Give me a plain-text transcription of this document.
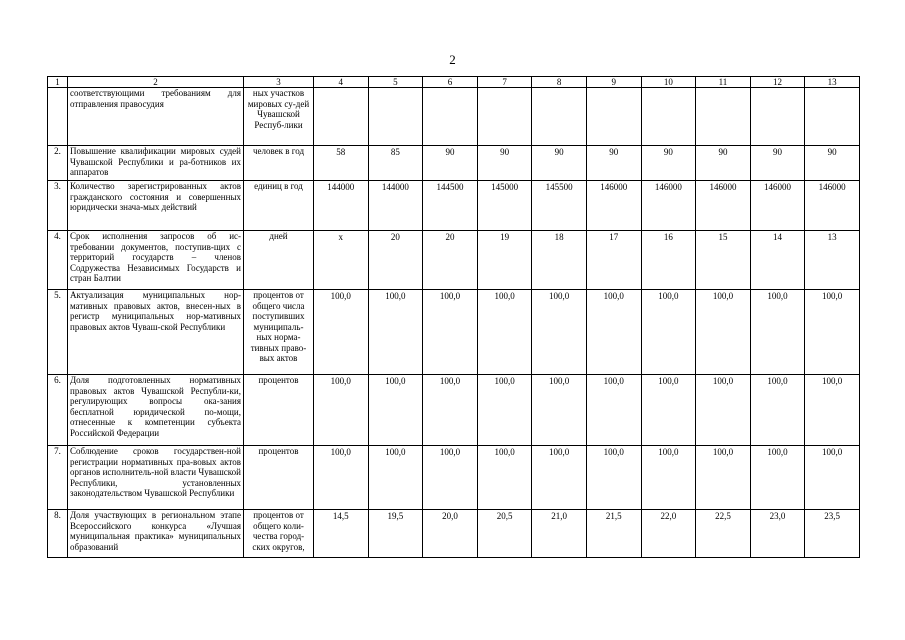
2
1	2	3	4	5	6	7	8	9	10	11	12	13
	соответствующими требованиям для отправления правосудия	ных участков мировых су-дей Чувашской Респуб-лики										
2.	Повышение квалификации мировых судей Чувашской Республики и ра-ботников их аппаратов	человек в год	58	85	90	90	90	90	90	90	90	90
3.	Количество зарегистрированных актов гражданского состояния и совершенных юридически знача-мых действий	единиц в год	144000	144000	144500	145000	145500	146000	146000	146000	146000	146000
4.	Срок исполнения запросов об ис-требовании документов, поступив-щих с территорий государств – членов Содружества Независимых Государств и стран Балтии	дней	х	20	20	19	18	17	16	15	14	13
5.	Актуализация муниципальных нор-мативных правовых актов, внесен-ных в регистр муниципальных нор-мативных правовых актов Чуваш-ской Республики	процентов от общего числа поступивших муниципаль-ных норма-тивных право-вых актов	100,0	100,0	100,0	100,0	100,0	100,0	100,0	100,0	100,0	100,0
6.	Доля подготовленных нормативных правовых актов Чувашской Республи-ки, регулирующих вопросы ока-зания бесплатной юридической по-мощи, отнесенные к компетенции субъекта Российской Федерации	процентов	100,0	100,0	100,0	100,0	100,0	100,0	100,0	100,0	100,0	100,0
7.	Соблюдение сроков государствен-ной регистрации нормативных пра-вовых актов органов исполнитель-ной власти Чувашской Республики, установленных законодательством Чувашской Республики	процентов	100,0	100,0	100,0	100,0	100,0	100,0	100,0	100,0	100,0	100,0
8.	Доля участвующих в региональном этапе Всероссийского конкурса «Лучшая муниципальная практика» муниципальных образований	процентов от общего коли-чества город-ских округов,	14,5	19,5	20,0	20,5	21,0	21,5	22,0	22,5	23,0	23,5
